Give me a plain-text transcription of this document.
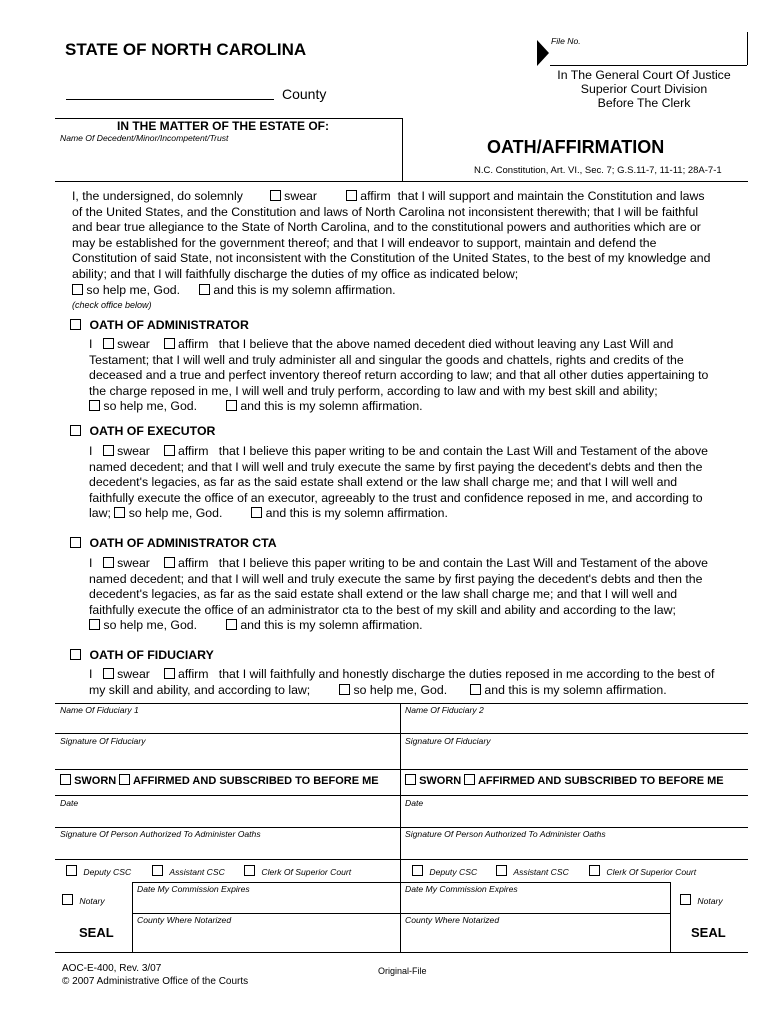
STATE OF NORTH CAROLINA
County
File No.
In The General Court Of Justice
Superior Court Division
Before The Clerk
IN THE MATTER OF THE ESTATE OF:
Name Of Decedent/Minor/Incompetent/Trust	OATH/AFFIRMATION
N.C. Constitution, Art. VI., Sec. 7; G.S.11-7, 11-11; 28A-7-1

I, the undersigned, do solemnly	swear	affirm that I will support and maintain the Constitution and laws

of the United States, and the Constitution and laws of North Carolina not inconsistent therewith; that I will be faithful

and bear true allegiance to the State of North Carolina, and to the constitutional powers and authorities which are or

may be established for the government thereof; and that I will endeavor to support, maintain and defend the

Constitution of said State, not inconsistent with the Constitution of the United States, to the best of my knowledge and

ability; and that I will faithfully discharge the duties of my office as indicated below;

so help me, God.	and this is my solemn affirmation.

(check office below)
OATH OF ADMINISTRATOR

I swear affirm that I believe that the above named decedent died without leaving any Last Will and

Testament; that I will well and truly administer all and singular the goods and chattels, rights and credits of the

deceased and a true and perfect inventory thereof return according to law; and that all other duties appertaining to

the charge reposed in me, I will well and truly perform, according to law and with my best skill and ability;

so help me, God.	and this is my solemn affirmation.

OATH OF EXECUTOR

I swear affirm that I believe this paper writing to be and contain the Last Will and Testament of the above

named decedent; and that I will well and truly execute the same by first paying the decedent's debts and then the

decedent's legacies, as far as the said estate shall extend or the law shall charge me; and that I will well and

faithfully execute the office of an executor, agreeably to the trust and confidence reposed in me, and according to

law; so help me, God.	and this is my solemn affirmation.

OATH OF ADMINISTRATOR CTA

I swear affirm that I believe this paper writing to be and contain the Last Will and Testament of the above

named decedent; and that I will well and truly execute the same by first paying the decedent's debts and then the

decedent's legacies, as far as the said estate shall extend or the law shall charge me; and that I will well and

faithfully execute the office of an administrator cta to the best of my skill and ability and according to the law;

so help me, God.	and this is my solemn affirmation.

OATH OF FIDUCIARY

I swear affirm that I will faithfully and honestly discharge the duties reposed in me according to the best of

my skill and ability, and according to law;	so help me, God.	and this is my solemn affirmation.

Name Of Fiduciary 1	Name Of Fiduciary 2
Signature Of Fiduciary	Signature Of Fiduciary
SWORN AFFIRMED AND SUBSCRIBED TO BEFORE ME	SWORN AFFIRMED AND SUBSCRIBED TO BEFORE ME
Date	Date
Signature Of Person Authorized To Administer Oaths	Signature Of Person Authorized To Administer Oaths
Deputy CSC	Assistant CSC	Clerk Of Superior Court	Deputy CSC	Assistant CSC	Clerk Of Superior Court
Date My Commission Expires	Date My Commission Expires
Notary	Notary
County Where Notarized	County Where Notarized
SEAL	SEAL
AOC-E-400, Rev. 3/07
© 2007 Administrative Office of the Courts
Original-File
